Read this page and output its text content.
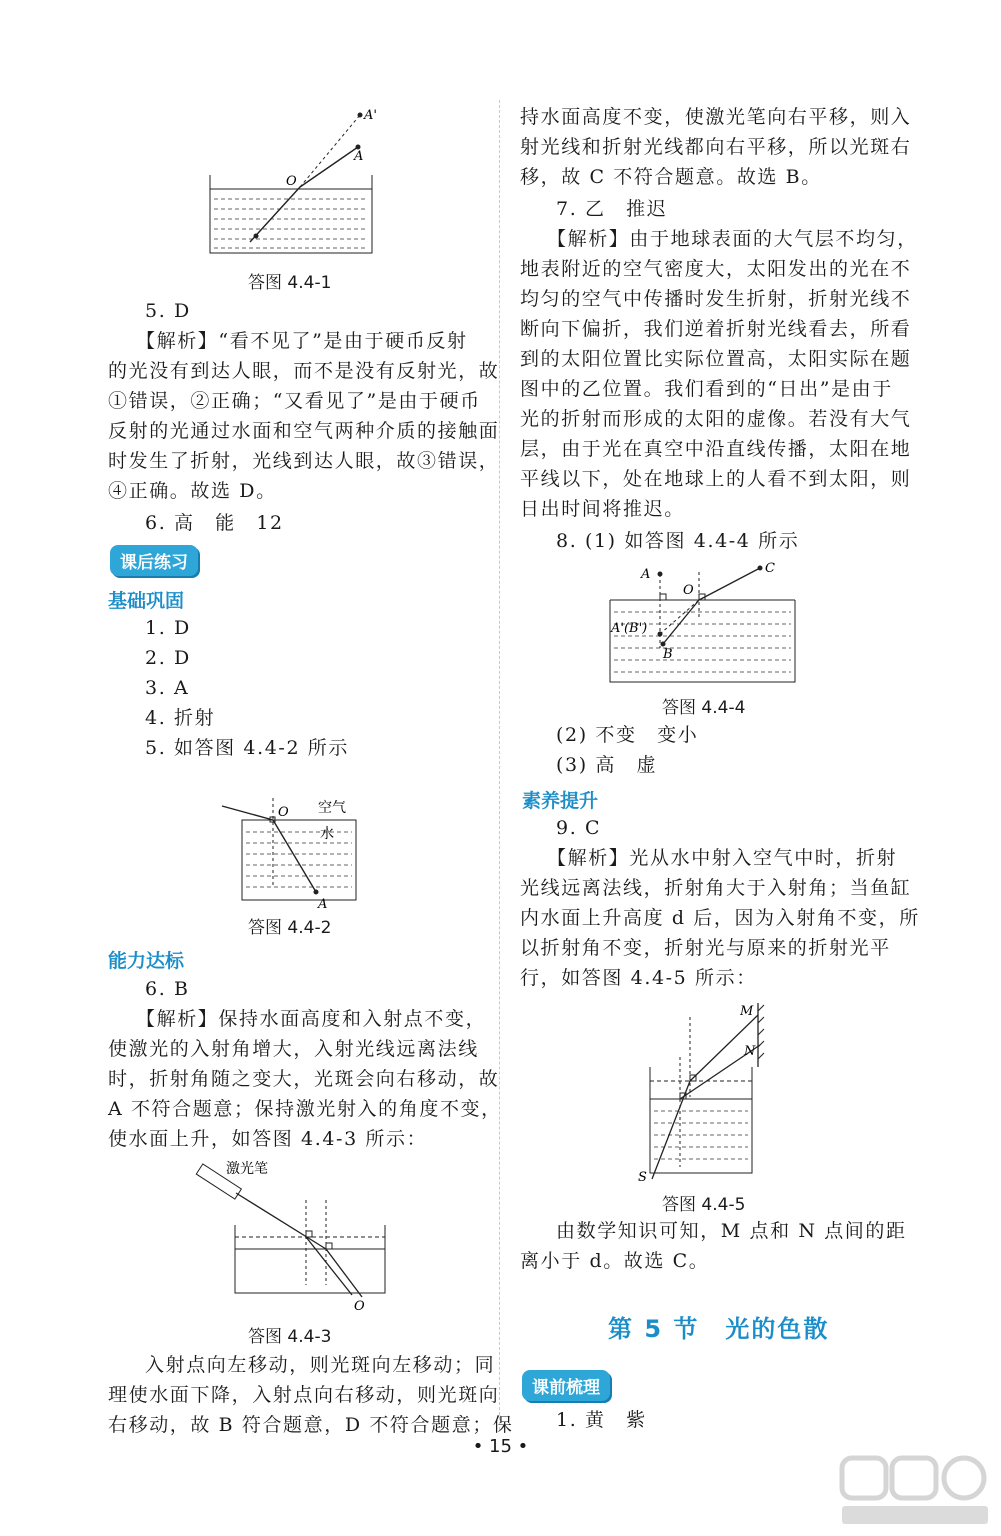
A'
A
O
答图 4.4-1
5. D
【解析】“看不见了”是由于硬币反射
的光没有到达人眼，而不是没有反射光，故
①错误，②正确；“又看见了”是由于硬币
反射的光通过水面和空气两种介质的接触面
时发生了折射，光线到达人眼，故③错误，
④正确。故选 D。
6. 高　能　12
课后练习
基础巩固
1. D
2. D
3. A
4. 折射
5. 如答图 4.4-2 所示
O 空气
水
A
答图 4.4-2
能力达标
6. B
【解析】保持水面高度和入射点不变，
使激光的入射角增大，入射光线远离法线
时，折射角随之变大，光斑会向右移动，故
A 不符合题意；保持激光射入的角度不变，
使水面上升，如答图 4.4-3 所示：
激光笔
O
答图 4.4-3
入射点向左移动，则光斑向左移动；同
理使水面下降，入射点向右移动，则光斑向
右移动，故 B 符合题意，D 不符合题意；保
持水面高度不变，使激光笔向右平移，则入
射光线和折射光线都向右平移，所以光斑右
移，故 C 不符合题意。故选 B。
7. 乙　推迟
【解析】由于地球表面的大气层不均匀，
地表附近的空气密度大，太阳发出的光在不
均匀的空气中传播时发生折射，折射光线不
断向下偏折，我们逆着折射光线看去，所看
到的太阳位置比实际位置高，太阳实际在题
图中的乙位置。我们看到的“日出”是由于
光的折射而形成的太阳的虚像。若没有大气
层，由于光在真空中沿直线传播，太阳在地
平线以下，处在地球上的人看不到太阳，则
日出时间将推迟。
8. (1) 如答图 4.4-4 所示
A
O
C
A'(B')
B
答图 4.4-4
(2) 不变　变小
(3) 高　虚
素养提升
9. C
【解析】光从水中射入空气中时，折射
光线远离法线，折射角大于入射角；当鱼缸
内水面上升高度 d 后，因为入射角不变，所
以折射角不变，折射光与原来的折射光平
行，如答图 4.4-5 所示：
M
N
S
答图 4.4-5
由数学知识可知，M 点和 N 点间的距
离小于 d。故选 C。
第 5 节　光的色散
课前梳理
1. 黄　紫
• 15 •
